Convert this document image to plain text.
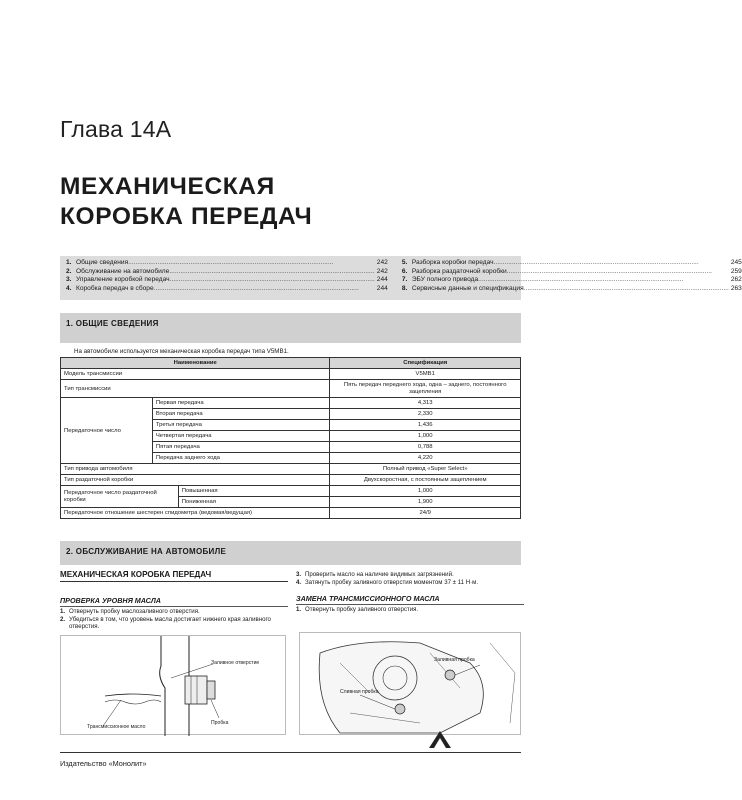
Глава 14А
МЕХАНИЧЕСКАЯ
КОРОБКА ПЕРЕДАЧ
1. Общие сведения .....	242
2. Обслуживание на автомобиле .....	242
3. Управление коробкой передач .....	244
4. Коробка передач в сборе .....	244
5. Разборка коробки передач .....	245
6. Разборка раздаточной коробки .....	259
7. ЭБУ полного привода .....	262
8. Сервисные данные и спецификация .....	263
1. ОБЩИЕ СВЕДЕНИЯ
На автомобиле используется механическая коробка передач типа V5MB1.
Наименование			Спецификация
Модель трансмиссии			V5MB1
Тип трансмиссии			Пять передач переднего хода, одна – заднего, постоянного зацепления
Передаточное число	Первая передача		4,313
	Вторая передача		2,330
	Третья передача		1,436
	Четвертая передача		1,000
	Пятая передача		0,788
	Передача заднего хода		4,220
Тип привода автомобиля			Полный привод «Super Select»
Тип раздаточной коробки			Двухскоростная, с постоянным зацеплением
Передаточное число раздаточной коробки		Повышенная	1,000
		Пониженная	1,900
Передаточное отношение шестерен спидометра (ведомая/ведущая)			24/9
2. ОБСЛУЖИВАНИЕ НА АВТОМОБИЛЕ
МЕХАНИЧЕСКАЯ КОРОБКА ПЕРЕДАЧ
ПРОВЕРКА УРОВНЯ МАСЛА
1. Отвернуть пробку маслозаливного отверстия.
2. Убедиться в том, что уровень масла достигает нижнего края заливного отверстия.
3. Проверить масло на наличие видимых загрязнений.
4. Затянуть пробку заливного отверстия моментом 37 ± 11 Н·м.
ЗАМЕНА ТРАНСМИССИОННОГО МАСЛА
1. Отвернуть пробку заливного отверстия.
Заливное отверстие
Трансмиссионное масло
Пробка
Заливная пробка
Сливная пробка
Издательство «Монолит»
